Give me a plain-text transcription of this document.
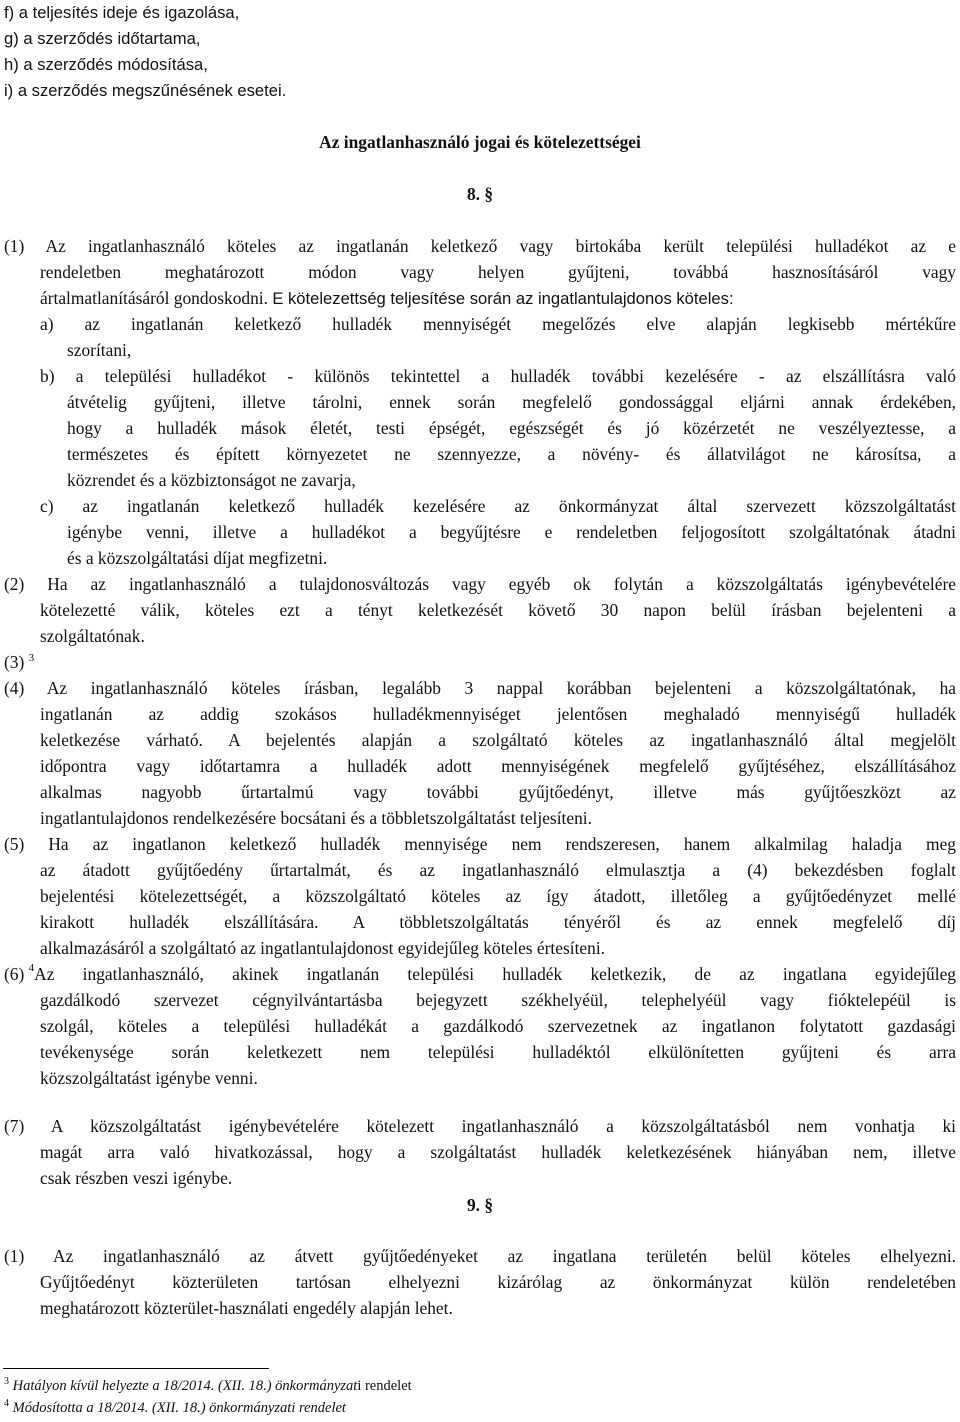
f) a teljesítés ideje és igazolása,
g) a szerződés időtartama,
h) a szerződés módosítása,
i) a szerződés megszűnésének esetei.
Az ingatlanhasználó jogai és kötelezettségei
8. §
(1) Az ingatlanhasználó köteles az ingatlanán keletkező vagy birtokába került települési hulladékot az e
rendeletben meghatározott módon vagy helyen gyűjteni, továbbá hasznosításáról vagy
ártalmatlanításáról gondoskodni. E kötelezettség teljesítése során az ingatlantulajdonos köteles:
a) az ingatlanán keletkező hulladék mennyiségét megelőzés elve alapján legkisebb mértékűre
szorítani,
b) a települési hulladékot - különös tekintettel a hulladék további kezelésére - az elszállításra való
átvételig gyűjteni, illetve tárolni, ennek során megfelelő gondossággal eljárni annak érdekében,
hogy a hulladék mások életét, testi épségét, egészségét és jó közérzetét ne veszélyeztesse, a
természetes és épített környezetet ne szennyezze, a növény- és állatvilágot ne károsítsa, a
közrendet és a közbiztonságot ne zavarja,
c) az ingatlanán keletkező hulladék kezelésére az önkormányzat által szervezett közszolgáltatást
igénybe venni, illetve a hulladékot a begyűjtésre e rendeletben feljogosított szolgáltatónak átadni
és a közszolgáltatási díjat megfizetni.
(2) Ha az ingatlanhasználó a tulajdonosváltozás vagy egyéb ok folytán a közszolgáltatás igénybevételére
kötelezetté válik, köteles ezt a tényt keletkezését követő 30 napon belül írásban bejelenteni a
szolgáltatónak.
(3) $^3$
(4) Az ingatlanhasználó köteles írásban, legalább 3 nappal korábban bejelenteni a közszolgáltatónak, ha
ingatlanán az addig szokásos hulladékmennyiséget jelentősen meghaladó mennyiségű hulladék
keletkezése várható. A bejelentés alapján a szolgáltató köteles az ingatlanhasználó által megjelölt
időpontra vagy időtartamra a hulladék adott mennyiségének megfelelő gyűjtéséhez, elszállításához
alkalmas nagyobb űrtartalmú vagy további gyűjtőedényt, illetve más gyűjtőeszközt az
ingatlantulajdonos rendelkezésére bocsátani és a többletszolgáltatást teljesíteni.
(5) Ha az ingatlanon keletkező hulladék mennyisége nem rendszeresen, hanem alkalmilag haladja meg
az átadott gyűjtőedény űrtartalmát, és az ingatlanhasználó elmulasztja a (4) bekezdésben foglalt
bejelentési kötelezettségét, a közszolgáltató köteles az így átadott, illetőleg a gyűjtőedényzet mellé
kirakott hulladék elszállítására. A többletszolgáltatás tényéről és az ennek megfelelő díj
alkalmazásáról a szolgáltató az ingatlantulajdonost egyidejűleg köteles értesíteni.
(6) 4 Az ingatlanhasználó, akinek ingatlanán települési hulladék keletkezik, de az ingatlana egyidejűleg
gazdálkodó szervezet cégnyilvántartásba bejegyzett székhelyéül, telephelyéül vagy fióktelepéül is
szolgál, köteles a települési hulladékát a gazdálkodó szervezetnek az ingatlanon folytatott gazdasági
tevékenysége során keletkezett nem települési hulladéktól elkülönítetten gyűjteni és arra
közszolgáltatást igénybe venni.
(7) A közszolgáltatást igénybevételére kötelezett ingatlanhasználó a közszolgáltatásból nem vonhatja ki
magát arra való hivatkozással, hogy a szolgáltatást hulladék keletkezésének hiányában nem, illetve
csak részben veszi igénybe.
9. §
(1) Az ingatlanhasználó az átvett gyűjtőedényeket az ingatlana területén belül köteles elhelyezni.
Gyűjtőedényt közterületen tartósan elhelyezni kizárólag az önkormányzat külön rendeletében
meghatározott közterület-használati engedély alapján lehet.
$^3$ Hatályon kívül helyezte a 18/2014. (XII. 18.) önkormányzati rendelet
$^4$ Módosította a 18/2014. (XII. 18.) önkormányzati rendelet
